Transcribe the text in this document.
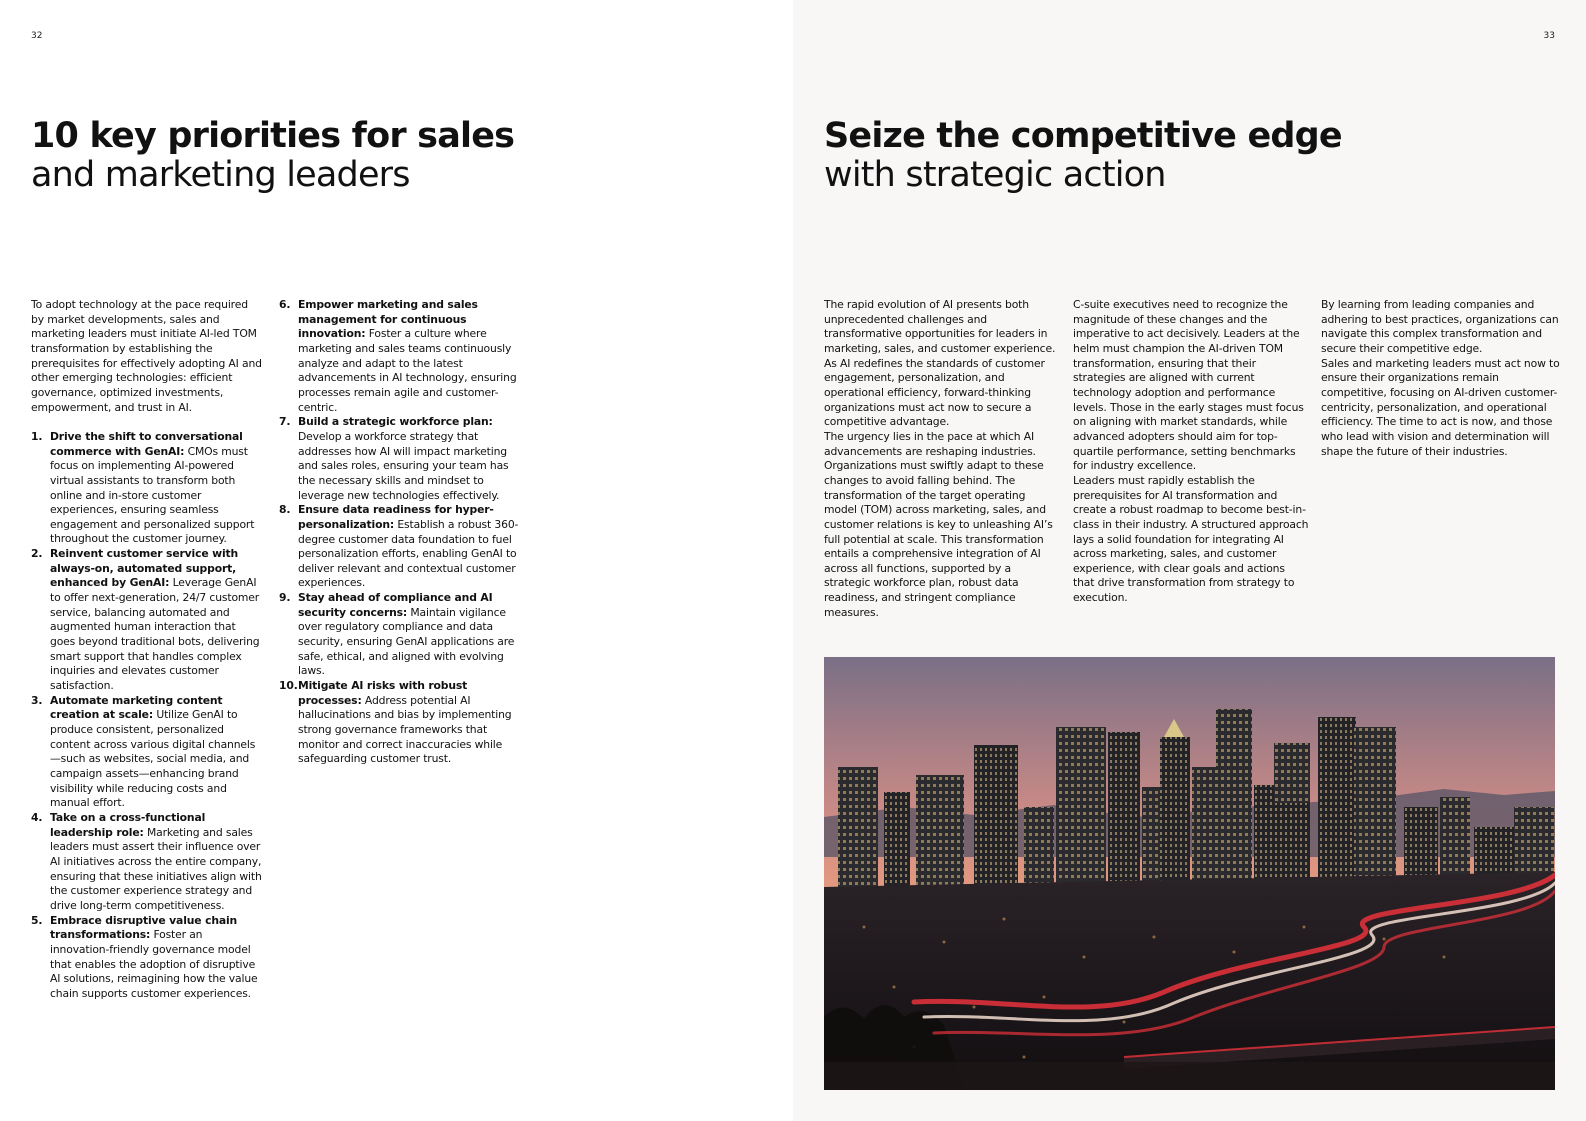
32
10 key priorities for sales
and marketing leaders

To adopt technology at the pace required by market developments, sales and marketing leaders must initiate AI-led TOM transformation by establishing the prerequisites for effectively adopting AI and other emerging technologies: efficient governance, optimized investments, empowerment, and trust in AI.

1. Drive the shift to conversational commerce with GenAI: CMOs must focus on implementing AI-powered virtual assistants to transform both online and in-store customer experiences, ensuring seamless engagement and personalized support throughout the customer journey.
2. Reinvent customer service with always-on, automated support, enhanced by GenAI: Leverage GenAI to offer next-generation, 24/7 customer service, balancing automated and augmented human interaction that goes beyond traditional bots, delivering smart support that handles complex inquiries and elevates customer satisfaction.
3. Automate marketing content creation at scale: Utilize GenAI to produce consistent, personalized content across various digital channels—such as websites, social media, and campaign assets—enhancing brand visibility while reducing costs and manual effort.
4. Take on a cross-functional leadership role: Marketing and sales leaders must assert their influence over AI initiatives across the entire company, ensuring that these initiatives align with the customer experience strategy and drive long-term competitiveness.
5. Embrace disruptive value chain transformations: Foster an innovation-friendly governance model that enables the adoption of disruptive AI solutions, reimagining how the value chain supports customer experiences.
6. Empower marketing and sales management for continuous innovation: Foster a culture where marketing and sales teams continuously analyze and adapt to the latest advancements in AI technology, ensuring processes remain agile and customer-centric.
7. Build a strategic workforce plan: Develop a workforce strategy that addresses how AI will impact marketing and sales roles, ensuring your team has the necessary skills and mindset to leverage new technologies effectively.
8. Ensure data readiness for hyper-personalization: Establish a robust 360-degree customer data foundation to fuel personalization efforts, enabling GenAI to deliver relevant and contextual customer experiences.
9. Stay ahead of compliance and AI security concerns: Maintain vigilance over regulatory compliance and data security, ensuring GenAI applications are safe, ethical, and aligned with evolving laws.
10. Mitigate AI risks with robust processes: Address potential AI hallucinations and bias by implementing strong governance frameworks that monitor and correct inaccuracies while safeguarding customer trust.
33
Seize the competitive edge
with strategic action

The rapid evolution of AI presents both unprecedented challenges and transformative opportunities for leaders in marketing, sales, and customer experience. As AI redefines the standards of customer engagement, personalization, and operational efficiency, forward-thinking organizations must act now to secure a competitive advantage.

The urgency lies in the pace at which AI advancements are reshaping industries. Organizations must swiftly adapt to these changes to avoid falling behind. The transformation of the target operating model (TOM) across marketing, sales, and customer relations is key to unleashing AI’s full potential at scale. This transformation entails a comprehensive integration of AI across all functions, supported by a strategic workforce plan, robust data readiness, and stringent compliance measures.

C-suite executives need to recognize the magnitude of these changes and the imperative to act decisively. Leaders at the helm must champion the AI-driven TOM transformation, ensuring that their strategies are aligned with current technology adoption and performance levels. Those in the early stages must focus on aligning with market standards, while advanced adopters should aim for top-quartile performance, setting benchmarks for industry excellence.

Leaders must rapidly establish the prerequisites for AI transformation and create a robust roadmap to become best-in-class in their industry. A structured approach lays a solid foundation for integrating AI across marketing, sales, and customer experience, with clear goals and actions that drive transformation from strategy to execution.

By learning from leading companies and adhering to best practices, organizations can navigate this complex transformation and secure their competitive edge.

Sales and marketing leaders must act now to ensure their organizations remain competitive, focusing on AI-driven customer-centricity, personalization, and operational efficiency. The time to act is now, and those who lead with vision and determination will shape the future of their industries.
